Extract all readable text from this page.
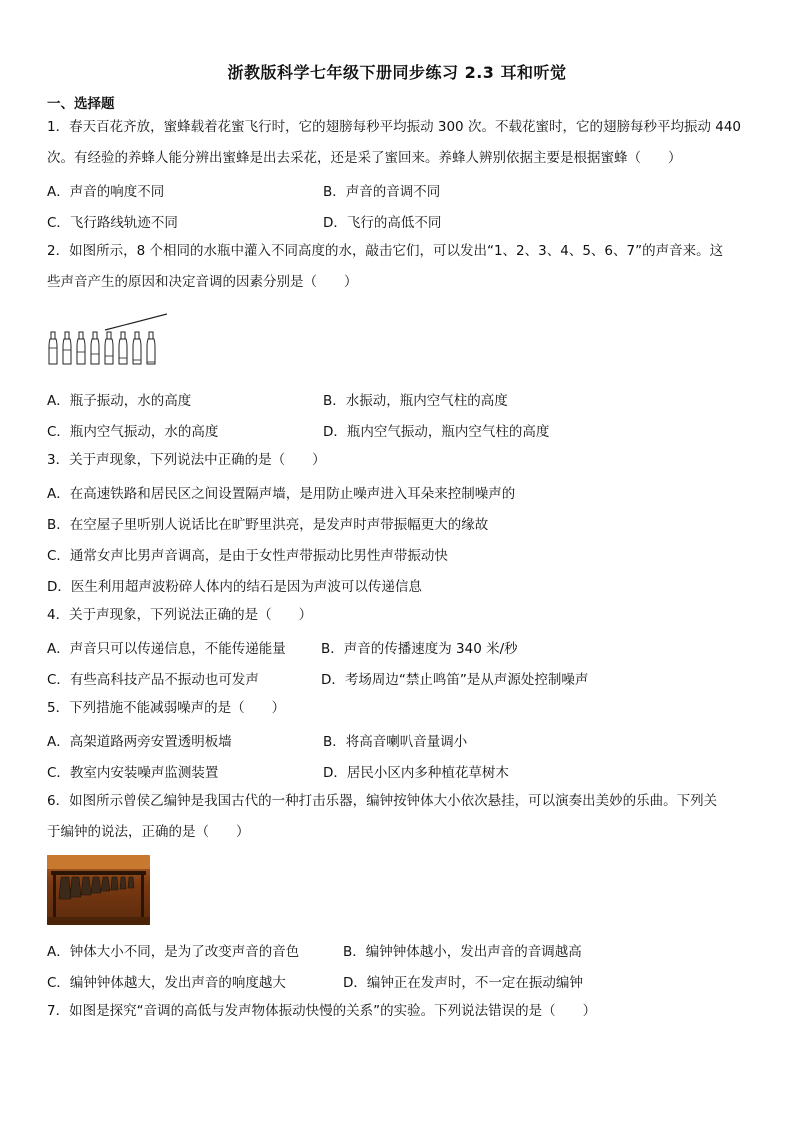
浙教版科学七年级下册同步练习 2.3 耳和听觉
一、选择题
1．春天百花齐放，蜜蜂载着花蜜飞行时，它的翅膀每秒平均振动 300 次。不载花蜜时，它的翅膀每秒平均振动 440
次。有经验的养蜂人能分辨出蜜蜂是出去采花，还是采了蜜回来。养蜂人辨别依据主要是根据蜜蜂（　　）
A．声音的响度不同	B．声音的音调不同
C．飞行路线轨迹不同	D．飞行的高低不同
2．如图所示，8 个相同的水瓶中灌入不同高度的水，敲击它们，可以发出“1、2、3、4、5、6、7”的声音来。这
些声音产生的原因和决定音调的因素分别是（　　）
A．瓶子振动，水的高度	B．水振动，瓶内空气柱的高度
C．瓶内空气振动，水的高度	D．瓶内空气振动，瓶内空气柱的高度
3．关于声现象，下列说法中正确的是（　　）
A．在高速铁路和居民区之间设置隔声墙，是用防止噪声进入耳朵来控制噪声的
B．在空屋子里听别人说话比在旷野里洪亮，是发声时声带振幅更大的缘故
C．通常女声比男声音调高，是由于女性声带振动比男性声带振动快
D．医生利用超声波粉碎人体内的结石是因为声波可以传递信息
4．关于声现象，下列说法正确的是（　　）
A．声音只可以传递信息，不能传递能量	B．声音的传播速度为 340 米/秒
C．有些高科技产品不振动也可发声	D．考场周边“禁止鸣笛”是从声源处控制噪声
5．下列措施不能减弱噪声的是（　　）
A．高架道路两旁安置透明板墙	B．将高音喇叭音量调小
C．教室内安装噪声监测装置	D．居民小区内多种植花草树木
6．如图所示曾侯乙编钟是我国古代的一种打击乐器，编钟按钟体大小依次悬挂，可以演奏出美妙的乐曲。下列关
于编钟的说法，正确的是（　　）
A．钟体大小不同，是为了改变声音的音色	B．编钟钟体越小，发出声音的音调越高
C．编钟钟体越大，发出声音的响度越大	D．编钟正在发声时，不一定在振动编钟
7．如图是探究“音调的高低与发声物体振动快慢的关系”的实验。下列说法错误的是（　　）
